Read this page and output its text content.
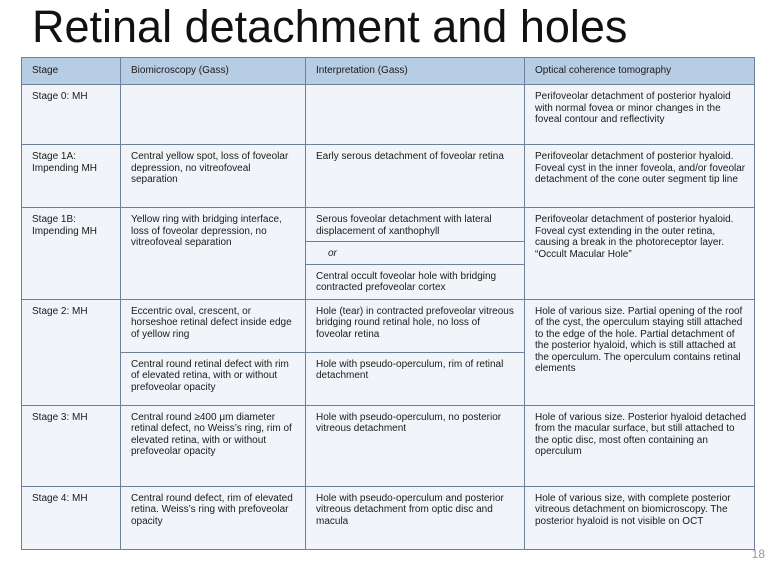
Retinal detachment and holes
Stage	Biomicroscopy (Gass)	Interpretation (Gass)	Optical coherence tomography
Stage 0: MH			Perifoveolar detachment of posterior hyaloid with normal fovea or minor changes in the foveal contour and reflectivity
Stage 1A: Impending MH	Central yellow spot, loss of foveolar depression, no vitreofoveal separation	Early serous detachment of foveolar retina	Perifoveolar detachment of posterior hyaloid. Foveal cyst in the inner foveola, and/or foveolar detachment of the cone outer segment tip line
Stage 1B: Impending MH	Yellow ring with bridging interface, loss of foveolar depression, no vitreofoveal separation	Serous foveolar detachment with lateral displacement of xanthophyll	Perifoveolar detachment of posterior hyaloid. Foveal cyst extending in the outer retina, causing a break in the photoreceptor layer. “Occult Macular Hole”
		or	
		Central occult foveolar hole with bridging contracted prefoveolar cortex	
Stage 2: MH	Eccentric oval, crescent, or horseshoe retinal defect inside edge of yellow ring	Hole (tear) in contracted prefoveolar vitreous bridging round retinal hole, no loss of foveolar retina	Hole of various size. Partial opening of the roof of the cyst, the operculum staying still attached to the edge of the hole. Partial detachment of the posterior hyaloid, which is still attached at the operculum. The operculum contains retinal elements
	Central round retinal defect with rim of elevated retina, with or without prefoveolar opacity	Hole with pseudo-operculum, rim of retinal detachment	
Stage 3: MH	Central round ≥400 μm diameter retinal defect, no Weiss’s ring, rim of elevated retina, with or without prefoveolar opacity	Hole with pseudo-operculum, no posterior vitreous detachment	Hole of various size. Posterior hyaloid detached from the macular surface, but still attached to the optic disc, most often containing an operculum
Stage 4: MH	Central round defect, rim of elevated retina. Weiss’s ring with prefoveolar opacity	Hole with pseudo-operculum and posterior vitreous detachment from optic disc and macula	Hole of various size, with complete posterior vitreous detachment on biomicroscopy. The posterior hyaloid is not visible on OCT
18
